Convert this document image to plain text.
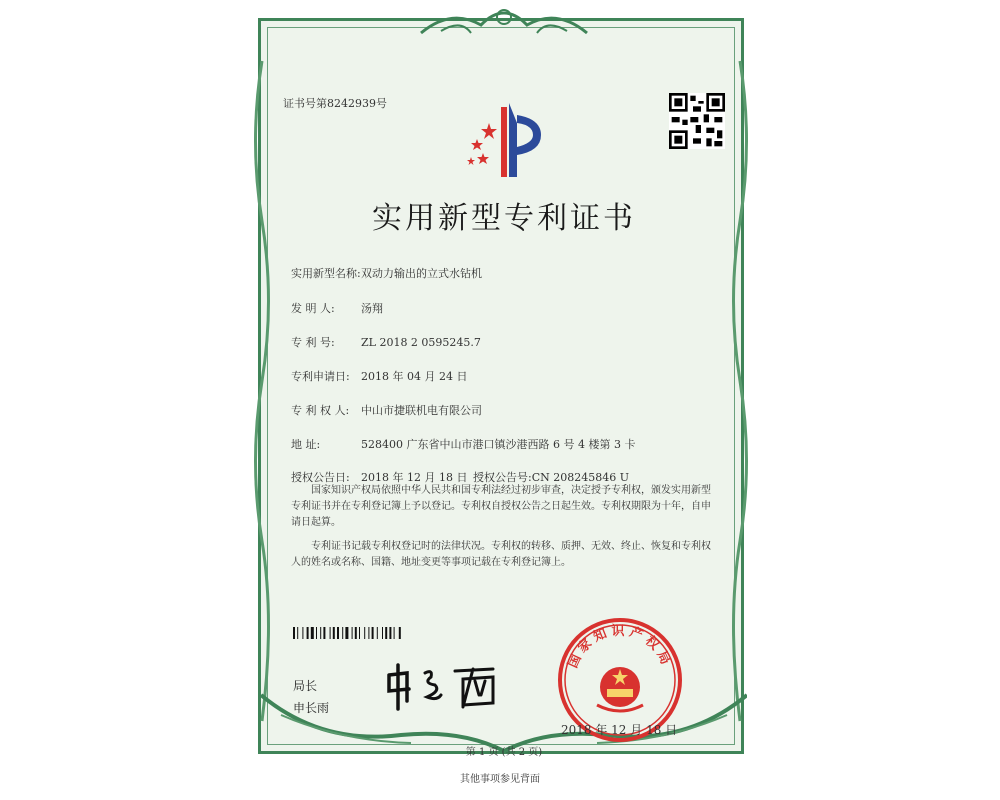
证书号第8242939号
实用新型专利证书
实用新型名称:双动力输出的立式水钻机
发 明 人: 汤翔
专 利 号: ZL 2018 2 0595245.7
专利申请日: 2018 年 04 月 24 日
专 利 权 人: 中山市捷联机电有限公司
地 址:	528400 广东省中山市港口镇沙港西路 6 号 4 楼第 3 卡
授权公告日: 2018 年 12 月 18 日 授权公告号:CN 208245846 U
国家知识产权局依照中华人民共和国专利法经过初步审查，决定授予专利权，颁发实用新型专利证书并在专利登记簿上予以登记。专利权自授权公告之日起生效。专利权期限为十年，自申请日起算。
专利证书记载专利权登记时的法律状况。专利权的转移、质押、无效、终止、恢复和专利权人的姓名或名称、国籍、地址变更等事项记载在专利登记簿上。
局长
申长雨
国家知识产权局
2018 年 12 月 18 日
第 1 页 (共 2 页)
其他事项参见背面
